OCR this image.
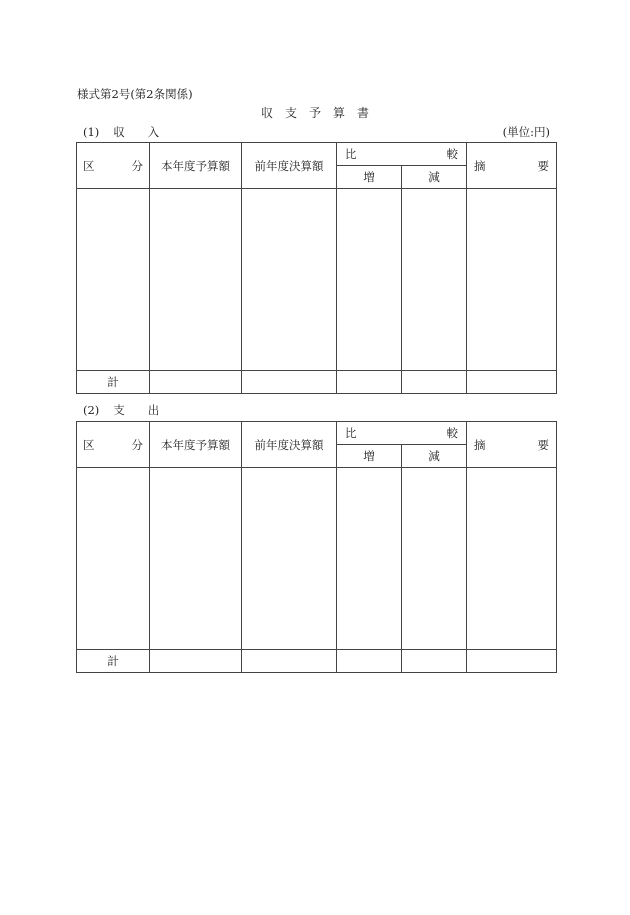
様式第2号(第2条関係)
収　支　予　算　書
(1) 収　　入	(単位:円)
区 分	本年度予算額	前年度決算額	比 較		摘 要

			増	減	

計					
(2) 支　　出
区 分	本年度予算額	前年度決算額	比 較		摘 要

			増	減	

計					
